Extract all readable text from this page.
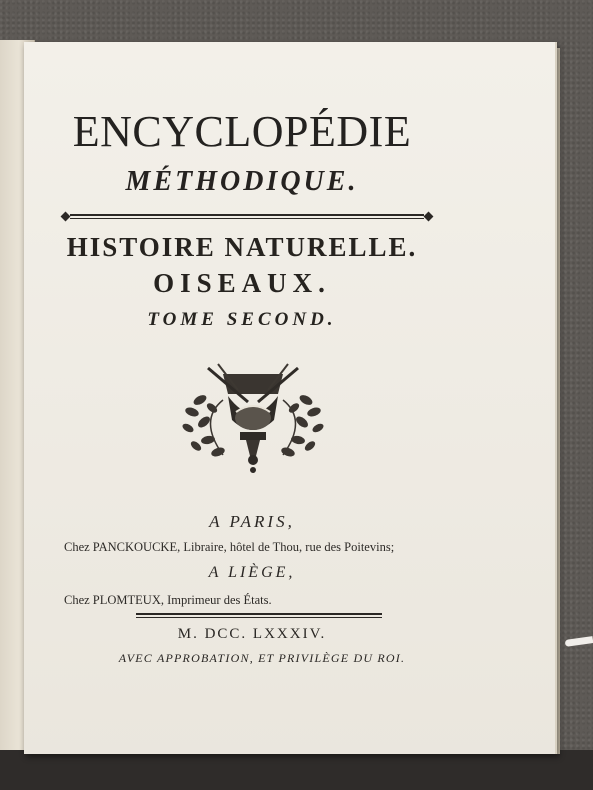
ENCYCLOPÉDIE
MÉTHODIQUE.
HISTOIRE NATURELLE.
OISEAUX.
TOME SECOND.
A PARIS,
Chez PANCKOUCKE, Libraire, hôtel de Thou, rue des Poitevins;
A LIÈGE,
Chez PLOMTEUX, Imprimeur des États.
M. DCC. LXXXIV.
AVEC APPROBATION, ET PRIVILÈGE DU ROI.
